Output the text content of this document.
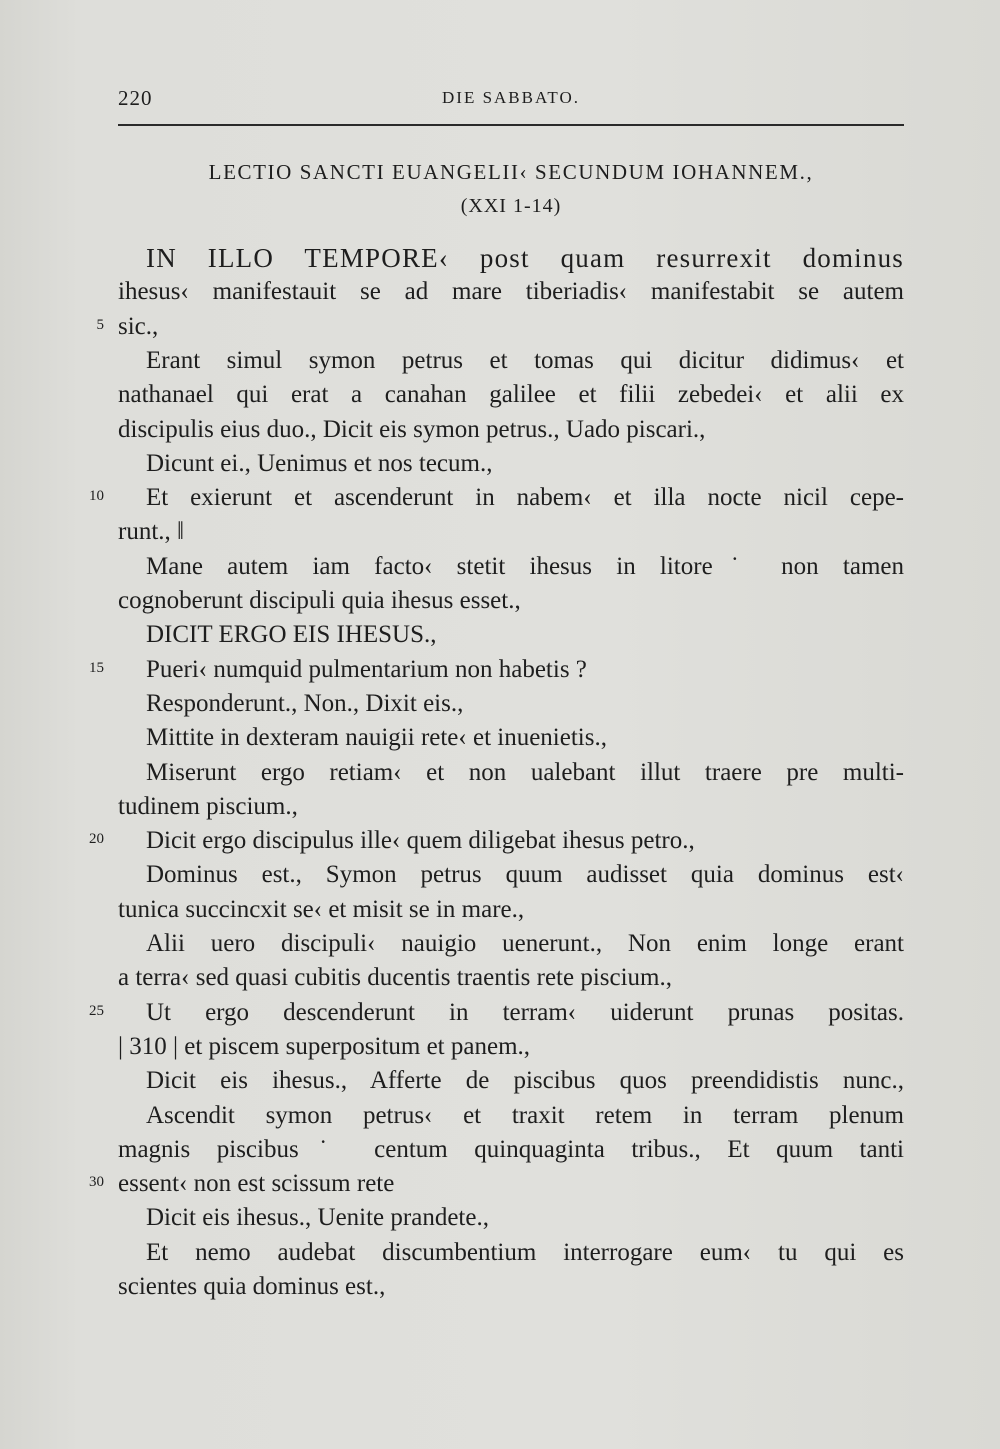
220	DIE SABBATO.
LECTIO SANCTI EUANGELII‹ SECUNDUM IOHANNEM.,
(XXI 1-14)
IN ILLO TEMPORE‹ post quam resurrexit dominus
ihesus‹ manifestauit se ad mare tiberiadis‹ manifestabit se autem
5 sic.,
Erant simul symon petrus et tomas qui dicitur didimus‹ et
nathanael qui erat a canahan galilee et filii zebedei‹ et alii ex
discipulis eius duo., Dicit eis symon petrus., Uado piscari.,
Dicunt ei., Uenimus et nos tecum.,
10	Et exierunt et ascenderunt in nabem‹ et illa nocte nicil cepe-
runt., ‖
Mane autem iam facto‹ stetit ihesus in litore˙ non tamen
cognoberunt discipuli quia ihesus esset.,
DICIT ERGO EIS IHESUS.,
15	Pueri‹ numquid pulmentarium non habetis ?
Responderunt., Non., Dixit eis.,
Mittite in dexteram nauigii rete‹ et inuenietis.,
Miserunt ergo retiam‹ et non ualebant illut traere pre multi-
tudinem piscium.,
20	Dicit ergo discipulus ille‹ quem diligebat ihesus petro.,
Dominus est., Symon petrus quum audisset quia dominus est‹
tunica succincxit se‹ et misit se in mare.,
Alii uero discipuli‹ nauigio uenerunt., Non enim longe erant
a terra‹ sed quasi cubitis ducentis traentis rete piscium.,
25	Ut ergo descenderunt in terram‹ uiderunt prunas positas.
| 310 | et piscem superpositum et panem.,
Dicit eis ihesus., Afferte de piscibus quos preendidistis nunc.,
Ascendit symon petrus‹ et traxit retem in terram plenum
magnis piscibus˙ centum quinquaginta tribus., Et quum tanti
30 essent‹ non est scissum rete
Dicit eis ihesus., Uenite prandete.,
Et nemo audebat discumbentium interrogare eum‹ tu qui es
scientes quia dominus est.,
